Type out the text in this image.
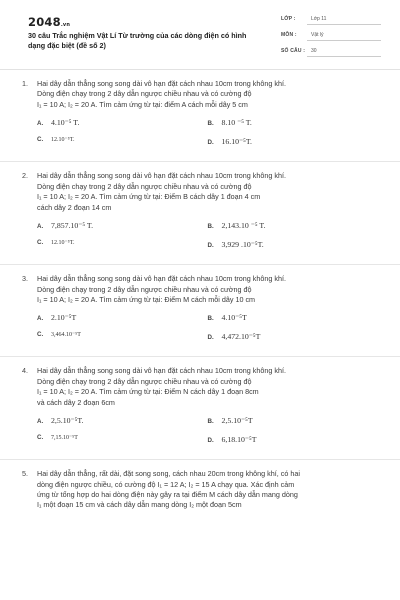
2048.vn
30 câu Trắc nghiệm Vật Lí Từ trường của các dòng điện có hình dạng đặc biệt (đề số 2)
LỚP :	Lớp 11
MÔN :	Vật lý
SỐ CÂU : 30
1. Hai dây dẫn thẳng song song dài vô hạn đặt cách nhau 10cm trong không khí.
Dòng điện chạy trong 2 dây dẫn ngược chiều nhau và có cường độ
I₁ = 10 A; I₂ = 20 A. Tìm cảm ứng từ tại: điểm A cách mỗi dây 5 cm
A.	4.10⁻⁵ T.	B.	8.10 ⁻⁵ T.
C.	12.10⁻⁵T.	D.	16.10⁻⁵T.
2. Hai dây dẫn thẳng song song dài vô hạn đặt cách nhau 10cm trong không khí.
Dòng điện chạy trong 2 dây dẫn ngược chiều nhau và có cường độ
I₁ = 10 A; I₂ = 20 A. Tìm cảm ứng từ tại: Điểm B cách dây 1 đoạn 4 cm
cách dây 2 đoạn 14 cm
A.	7,857.10⁻⁵ T.	B.	2,143.10 ⁻⁵ T.
C.	12.10⁻⁵T.	D.	3,929 .10⁻⁵T.
3. Hai dây dẫn thẳng song song dài vô hạn đặt cách nhau 10cm trong không khí.
Dòng điện chạy trong 2 dây dẫn ngược chiều nhau và có cường độ
I₁ = 10 A; I₂ = 20 A. Tìm cảm ứng từ tại: Điểm M cách mỗi dây 10 cm
A.	2.10⁻⁵T	B.	4.10⁻⁵T
C.	3,464.10⁻⁵T	D.	4,472.10⁻⁵T
4. Hai dây dẫn thẳng song song dài vô hạn đặt cách nhau 10cm trong không khí.
Dòng điện chạy trong 2 dây dẫn ngược chiều nhau và có cường độ
I₁ = 10 A; I₂ = 20 A. Tìm cảm ứng từ tại: Điểm N cách dây 1 đoạn 8cm
và cách dây 2 đoạn 6cm
A.	2,5.10⁻⁵T.	B.	2,5.10⁻⁵T
C.	7,15.10⁻⁵T	D.	6,18.10⁻⁵T
5. Hai dây dẫn thẳng, rất dài, đặt song song, cách nhau 20cm trong không khí, có hai
dòng điện ngược chiều, có cường độ I₁ = 12 A; I₂ = 15 A chạy qua. Xác định cảm
ứng từ tổng hợp do hai dòng điện này gây ra tại điểm M cách dây dẫn mang dòng
I₁ một đoạn 15 cm và cách dây dẫn mang dòng I₂ một đoạn 5cm
